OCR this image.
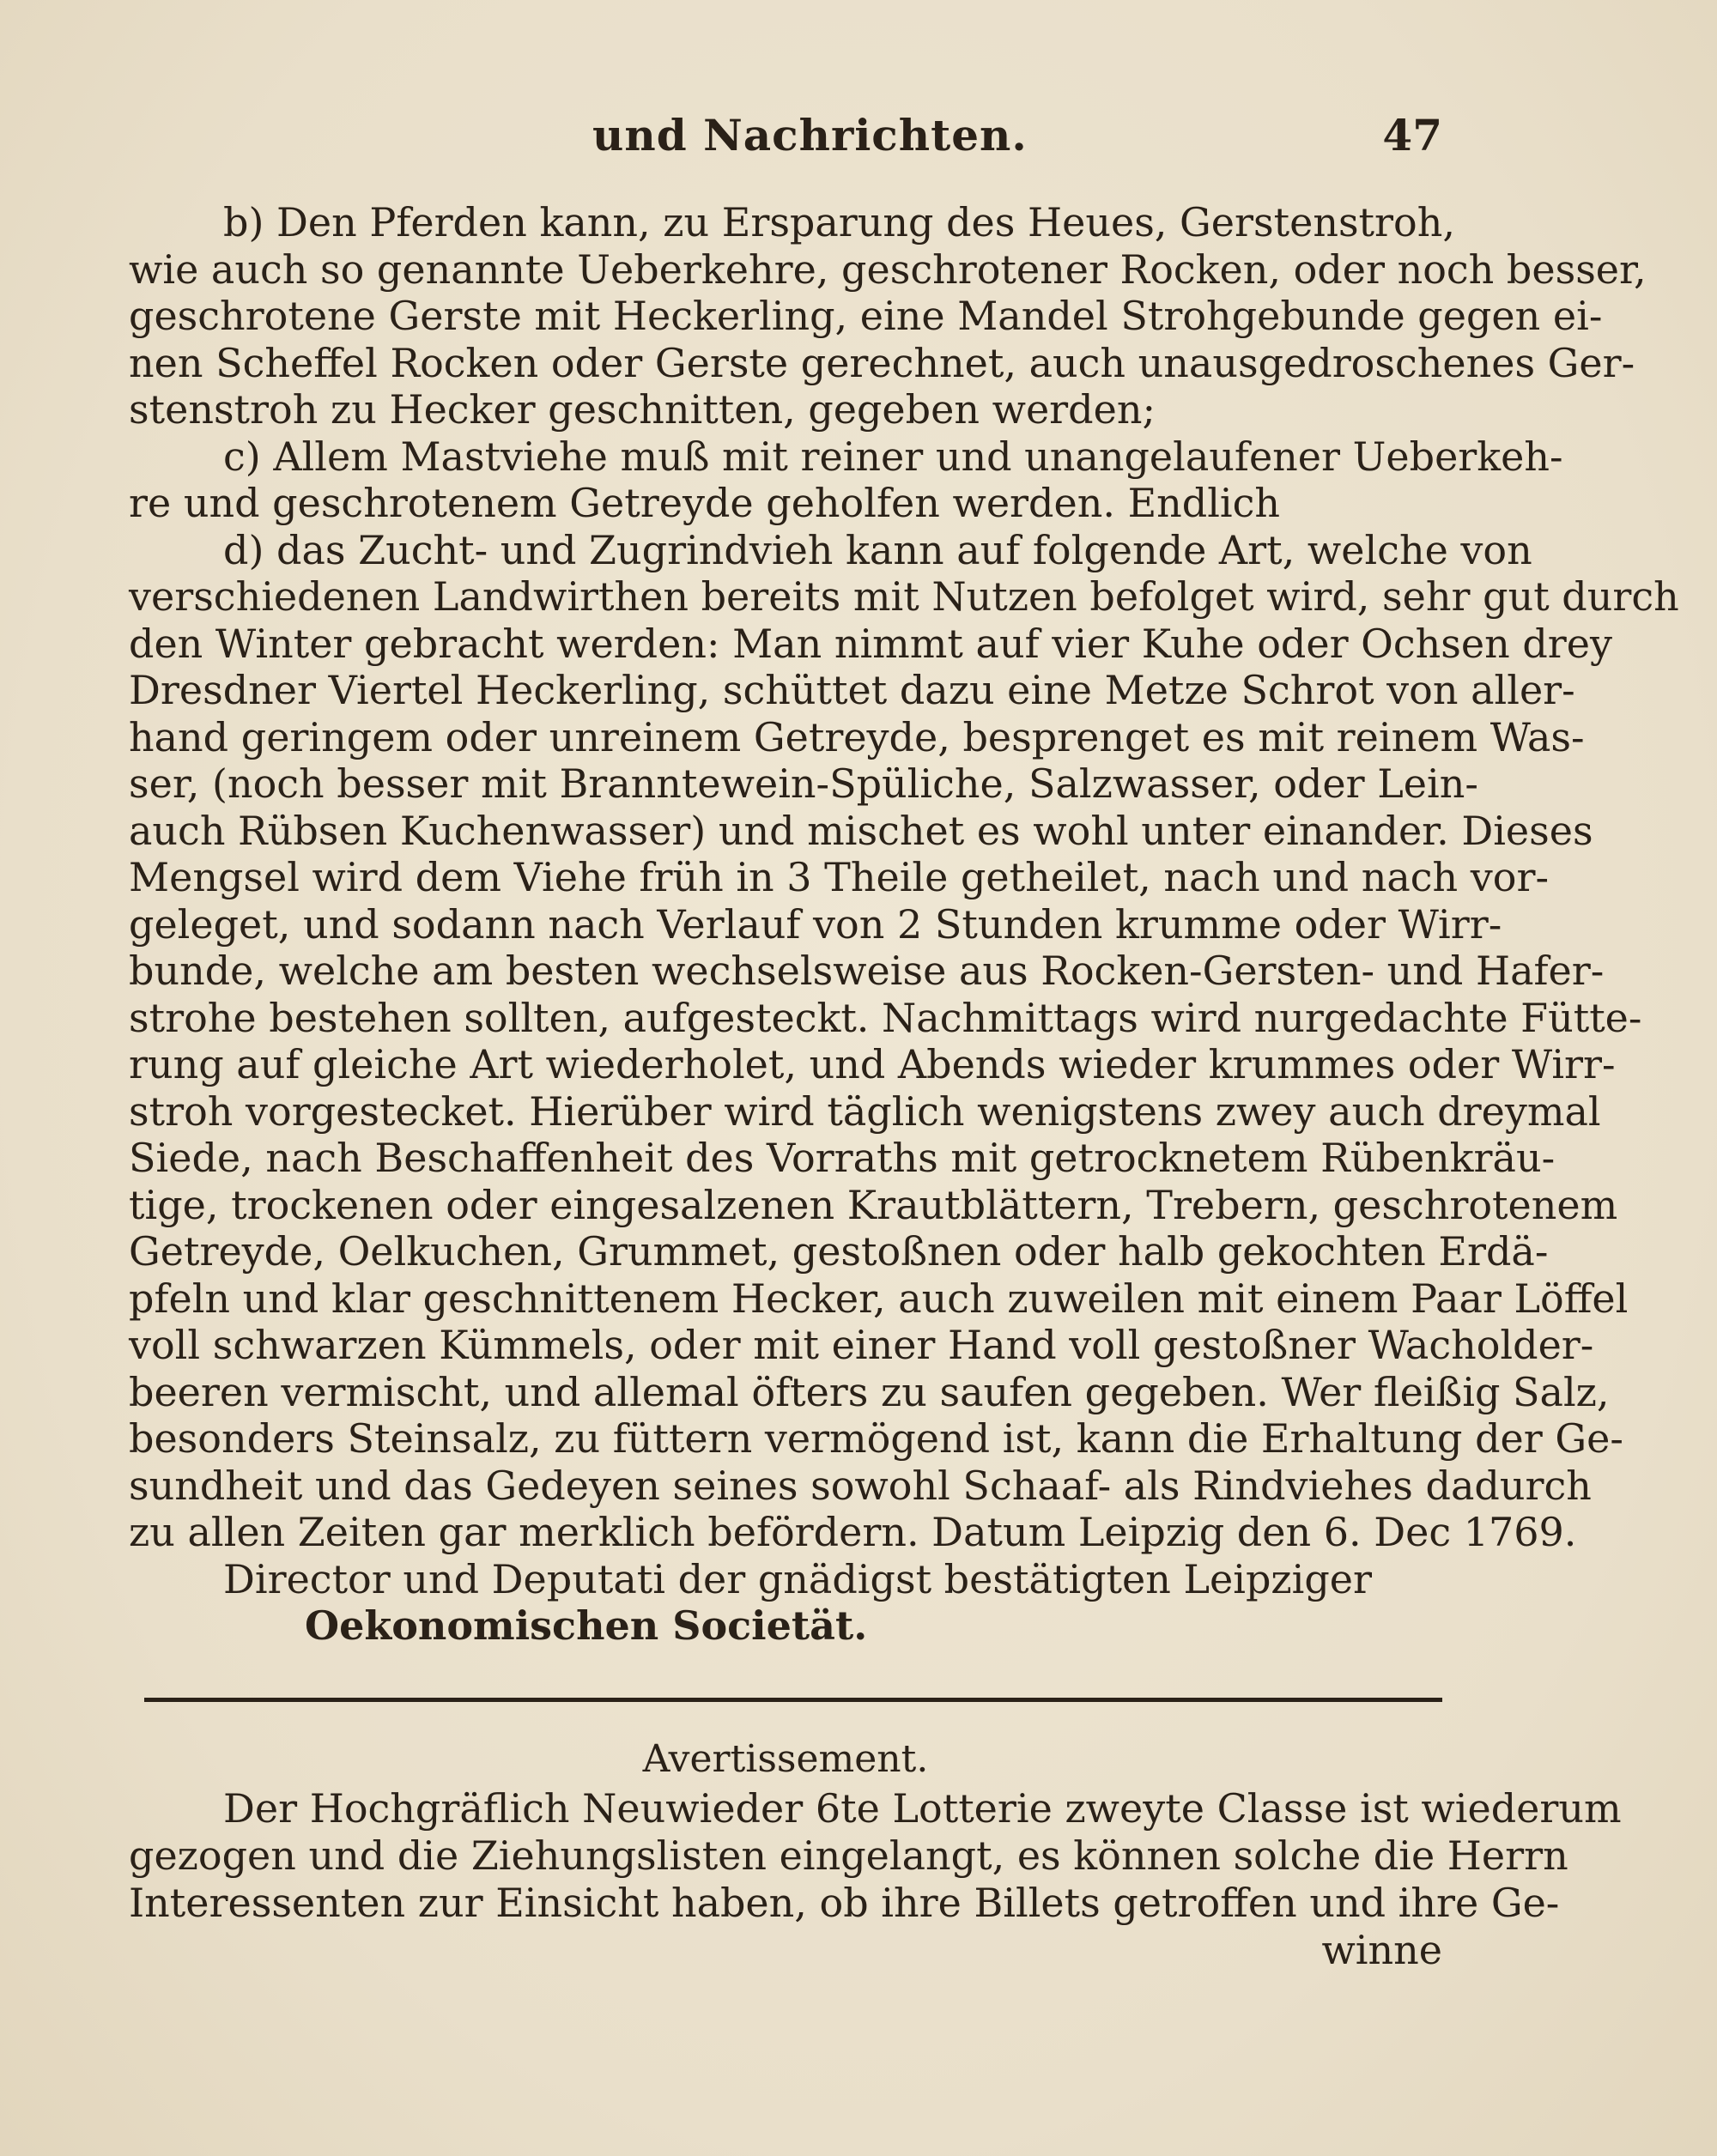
und Nachrichten.	47
b) Den Pferden kann, zu Ersparung des Heues, Gerstenstroh,
wie auch so genannte Ueberkehre, geschrotener Rocken, oder noch besser,
geschrotene Gerste mit Heckerling, eine Mandel Strohgebunde gegen ei-
nen Scheffel Rocken oder Gerste gerechnet, auch unausgedroschenes Ger-
stenstroh zu Hecker geschnitten, gegeben werden;
c) Allem Mastviehe muß mit reiner und unangelaufener Ueberkeh-
re und geschrotenem Getreyde geholfen werden. Endlich
d) das Zucht- und Zugrindvieh kann auf folgende Art, welche von
verschiedenen Landwirthen bereits mit Nutzen befolget wird, sehr gut durch
den Winter gebracht werden: Man nimmt auf vier Kuhe oder Ochsen drey
Dresdner Viertel Heckerling, schüttet dazu eine Metze Schrot von aller-
hand geringem oder unreinem Getreyde, besprenget es mit reinem Was-
ser, (noch besser mit Branntewein-Spüliche, Salzwasser, oder Lein-
auch Rübsen Kuchenwasser) und mischet es wohl unter einander. Dieses
Mengsel wird dem Viehe früh in 3 Theile getheilet, nach und nach vor-
geleget, und sodann nach Verlauf von 2 Stunden krumme oder Wirr-
bunde, welche am besten wechselsweise aus Rocken-Gersten- und Hafer-
strohe bestehen sollten, aufgesteckt. Nachmittags wird nurgedachte Fütte-
rung auf gleiche Art wiederholet, und Abends wieder krummes oder Wirr-
stroh vorgestecket. Hierüber wird täglich wenigstens zwey auch dreymal
Siede, nach Beschaffenheit des Vorraths mit getrocknetem Rübenkräu-
tige, trockenen oder eingesalzenen Krautblättern, Trebern, geschrotenem
Getreyde, Oelkuchen, Grummet, gestoßnen oder halb gekochten Erdä-
pfeln und klar geschnittenem Hecker, auch zuweilen mit einem Paar Löffel
voll schwarzen Kümmels, oder mit einer Hand voll gestoßner Wacholder-
beeren vermischt, und allemal öfters zu saufen gegeben. Wer fleißig Salz,
besonders Steinsalz, zu füttern vermögend ist, kann die Erhaltung der Ge-
sundheit und das Gedeyen seines sowohl Schaaf- als Rindviehes dadurch
zu allen Zeiten gar merklich befördern. Datum Leipzig den 6. Dec 1769.
Director und Deputati der gnädigst bestätigten Leipziger
Oekonomischen Societät.
Avertissement.
Der Hochgräflich Neuwieder 6te Lotterie zweyte Classe ist wiederum
gezogen und die Ziehungslisten eingelangt, es können solche die Herrn
Interessenten zur Einsicht haben, ob ihre Billets getroffen und ihre Ge-
winne
